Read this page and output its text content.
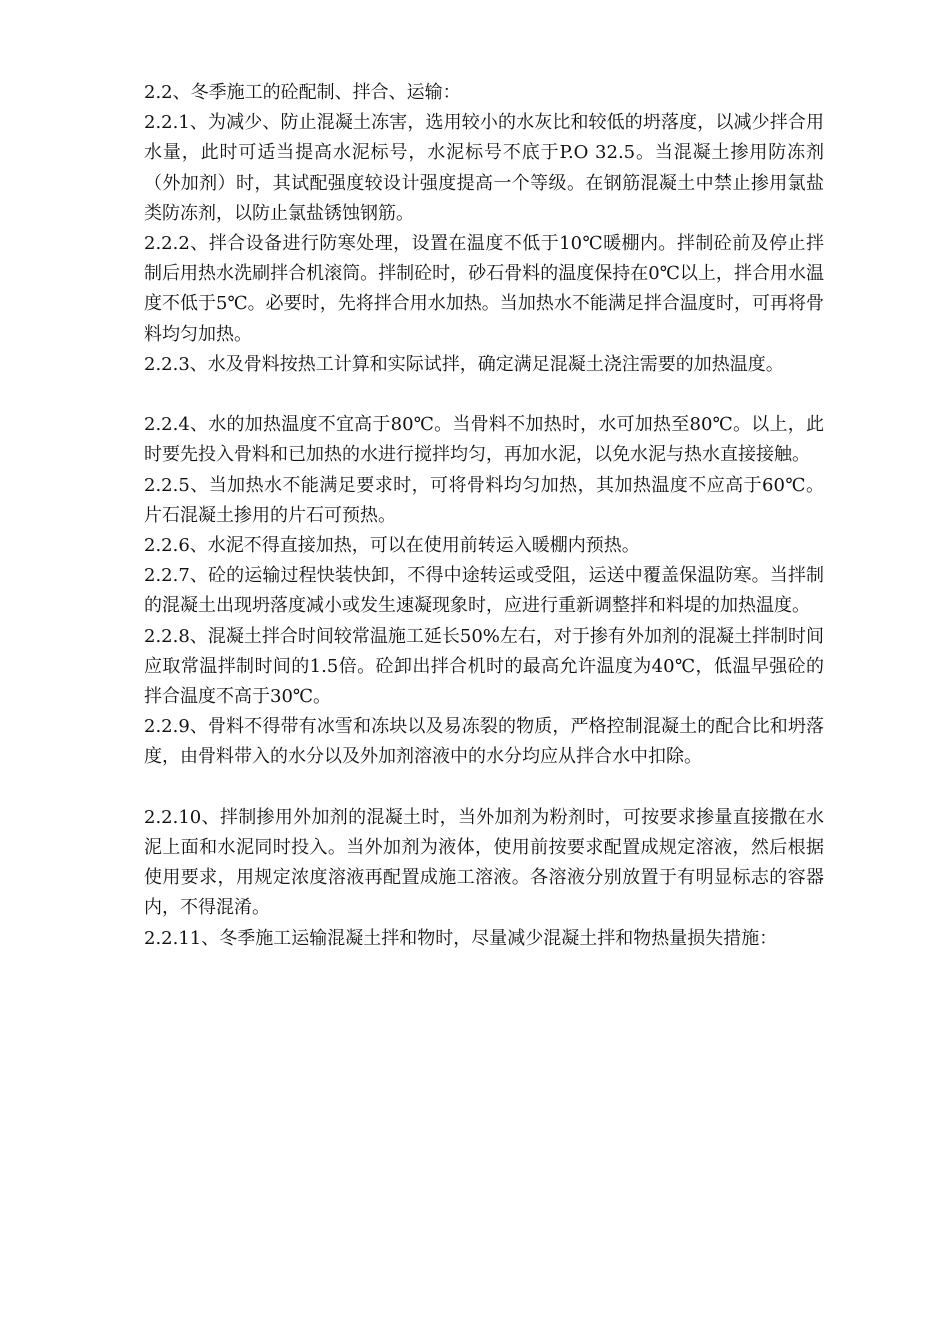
2.2、冬季施工的砼配制、拌合、运输：

2.2.1、为减少、防止混凝土冻害，选用较小的水灰比和较低的坍落度，以减少拌合用水量，此时可适当提高水泥标号，水泥标号不底于P.O 32.5。当混凝土掺用防冻剂（外加剂）时，其试配强度较设计强度提高一个等级。在钢筋混凝土中禁止掺用氯盐类防冻剂，以防止氯盐锈蚀钢筋。

2.2.2、拌合设备进行防寒处理，设置在温度不低于10℃暖棚内。拌制砼前及停止拌制后用热水洗刷拌合机滚筒。拌制砼时，砂石骨料的温度保持在0℃以上，拌合用水温度不低于5℃。必要时，先将拌合用水加热。当加热水不能满足拌合温度时，可再将骨料均匀加热。

2.2.3、水及骨料按热工计算和实际试拌，确定满足混凝土浇注需要的加热温度。

2.2.4、水的加热温度不宜高于80℃。当骨料不加热时，水可加热至80℃。以上，此时要先投入骨料和已加热的水进行搅拌均匀，再加水泥，以免水泥与热水直接接触。

2.2.5、当加热水不能满足要求时，可将骨料均匀加热，其加热温度不应高于60℃。片石混凝土掺用的片石可预热。

2.2.6、水泥不得直接加热，可以在使用前转运入暖棚内预热。

2.2.7、砼的运输过程快装快卸，不得中途转运或受阻，运送中覆盖保温防寒。当拌制的混凝土出现坍落度减小或发生速凝现象时，应进行重新调整拌和料堤的加热温度。

2.2.8、混凝土拌合时间较常温施工延长50%左右，对于掺有外加剂的混凝土拌制时间应取常温拌制时间的1.5倍。砼卸出拌合机时的最高允许温度为40℃，低温早强砼的拌合温度不高于30℃。

2.2.9、骨料不得带有冰雪和冻块以及易冻裂的物质，严格控制混凝土的配合比和坍落度，由骨料带入的水分以及外加剂溶液中的水分均应从拌合水中扣除。

2.2.10、拌制掺用外加剂的混凝土时，当外加剂为粉剂时，可按要求掺量直接撒在水泥上面和水泥同时投入。当外加剂为液体，使用前按要求配置成规定溶液，然后根据使用要求，用规定浓度溶液再配置成施工溶液。各溶液分别放置于有明显标志的容器内，不得混淆。

2.2.11、冬季施工运输混凝土拌和物时，尽量减少混凝土拌和物热量损失措施：
